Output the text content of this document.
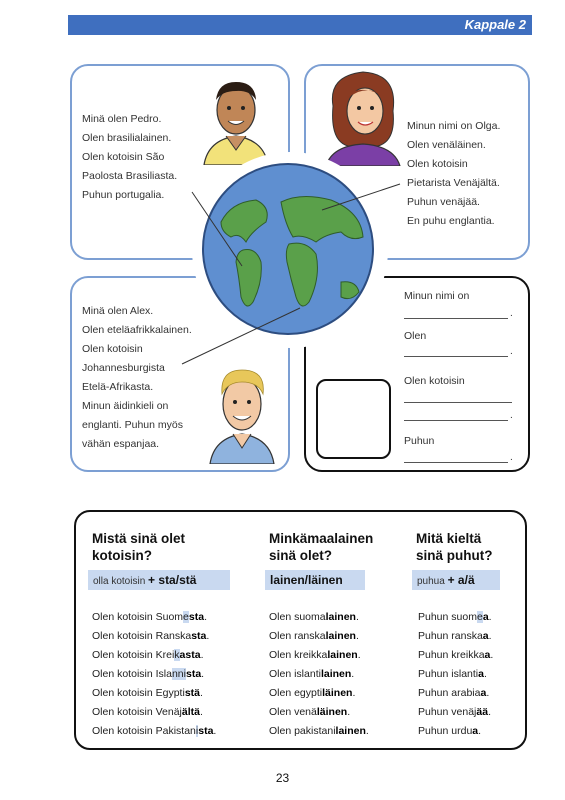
Kappale 2
Minä olen Pedro.
Olen brasilialainen.
Olen kotoisin São
Paolosta Brasiliasta.
Puhun portugalia.
Minun nimi on Olga.
Olen venäläinen.
Olen kotoisin
Pietarista Venäjältä.
Puhun venäjää.
En puhu englantia.
Minä olen Alex.
Olen eteläafrikkalainen.
Olen kotoisin
Johannesburgista
Etelä-Afrikasta.
Minun äidinkieli on
englanti. Puhun myös
vähän espanjaa.
Minun nimi on
.
Olen
.
Olen kotoisin
.
Puhun
.
Mistä sinä olet
kotoisin?
Minkämaalainen
sinä olet?
Mitä kieltä
sinä puhut?
olla kotoisin + sta/stä	lainen/läinen	puhua + a/ä
Olen kotoisin Suomesta.
Olen kotoisin Ranskasta.
Olen kotoisin Kreikasta.
Olen kotoisin Islannista.
Olen kotoisin Egyptistä.
Olen kotoisin Venäjältä.
Olen kotoisin Pakistanista.
Olen suomalainen.
Olen ranskalainen.
Olen kreikkalainen.
Olen islantilainen.
Olen egyptiläinen.
Olen venäläinen.
Olen pakistanilainen.
Puhun suomea.
Puhun ranskaa.
Puhun kreikkaa.
Puhun islantia.
Puhun arabiaa.
Puhun venäjää.
Puhun urdua.
23
